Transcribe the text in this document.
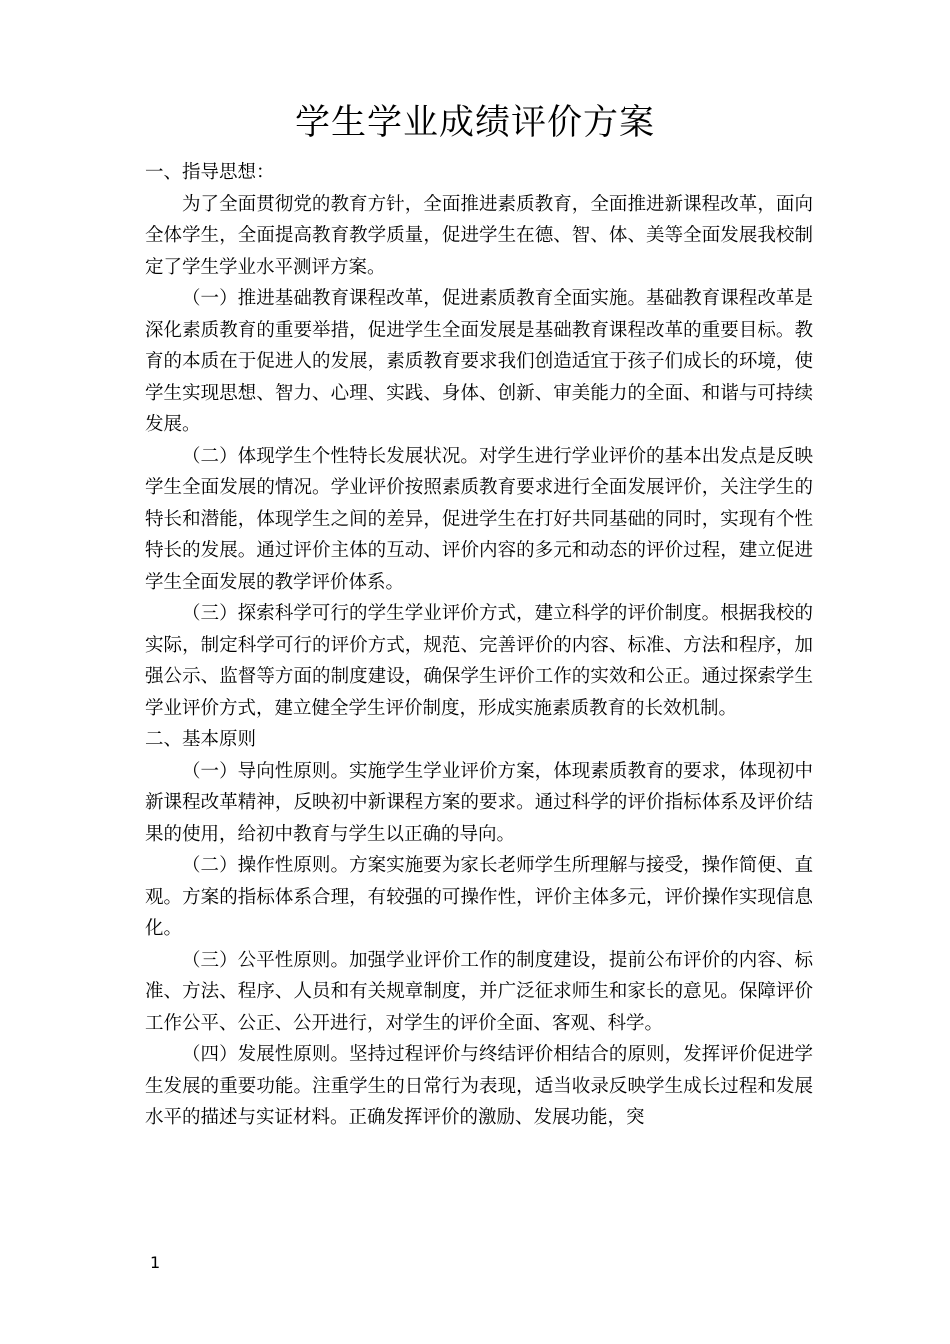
学生学业成绩评价方案

一、指导思想：

为了全面贯彻党的教育方针，全面推进素质教育，全面推进新课程改革，面向全体学生，全面提高教育教学质量，促进学生在德、智、体、美等全面发展我校制定了学生学业水平测评方案。

（一）推进基础教育课程改革，促进素质教育全面实施。基础教育课程改革是深化素质教育的重要举措，促进学生全面发展是基础教育课程改革的重要目标。教育的本质在于促进人的发展，素质教育要求我们创造适宜于孩子们成长的环境，使学生实现思想、智力、心理、实践、身体、创新、审美能力的全面、和谐与可持续发展。

（二）体现学生个性特长发展状况。对学生进行学业评价的基本出发点是反映学生全面发展的情况。学业评价按照素质教育要求进行全面发展评价，关注学生的特长和潜能，体现学生之间的差异，促进学生在打好共同基础的同时，实现有个性特长的发展。通过评价主体的互动、评价内容的多元和动态的评价过程，建立促进学生全面发展的教学评价体系。

（三）探索科学可行的学生学业评价方式，建立科学的评价制度。根据我校的实际，制定科学可行的评价方式，规范、完善评价的内容、标准、方法和程序，加强公示、监督等方面的制度建设，确保学生评价工作的实效和公正。通过探索学生学业评价方式，建立健全学生评价制度，形成实施素质教育的长效机制。

二、基本原则

（一）导向性原则。实施学生学业评价方案，体现素质教育的要求，体现初中新课程改革精神，反映初中新课程方案的要求。通过科学的评价指标体系及评价结果的使用，给初中教育与学生以正确的导向。

（二）操作性原则。方案实施要为家长老师学生所理解与接受，操作简便、直观。方案的指标体系合理，有较强的可操作性，评价主体多元，评价操作实现信息化。

（三）公平性原则。加强学业评价工作的制度建设，提前公布评价的内容、标准、方法、程序、人员和有关规章制度，并广泛征求师生和家长的意见。保障评价工作公平、公正、公开进行，对学生的评价全面、客观、科学。

（四）发展性原则。坚持过程评价与终结评价相结合的原则，发挥评价促进学生发展的重要功能。注重学生的日常行为表现，适当收录反映学生成长过程和发展水平的描述与实证材料。正确发挥评价的激励、发展功能，突

1
